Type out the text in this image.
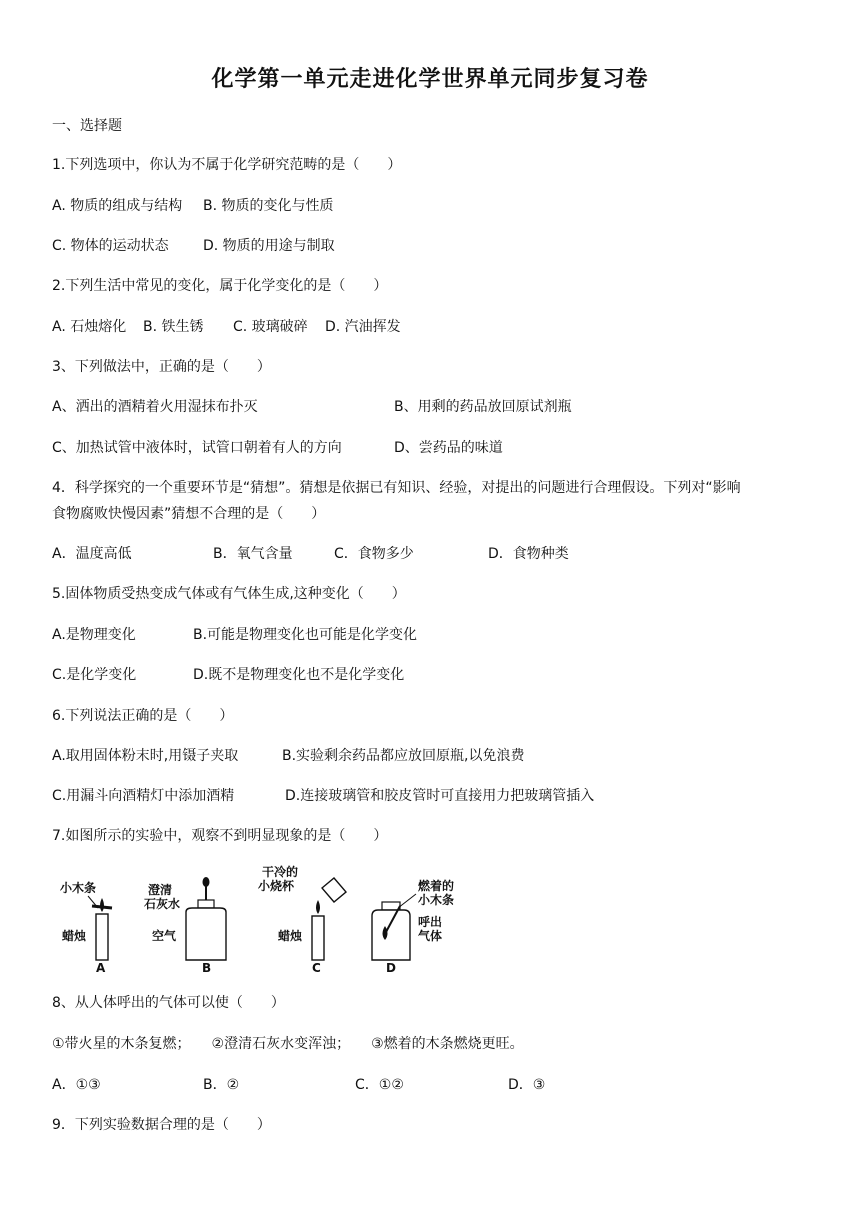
化学第一单元走进化学世界单元同步复习卷
一、选择题
1.下列选项中，你认为不属于化学研究范畴的是（　　）
A. 物质的组成与结构 B. 物质的变化与性质
C. 物体的运动状态 D. 物质的用途与制取
2.下列生活中常见的变化，属于化学变化的是（　　）
A. 石烛熔化 B. 铁生锈 C. 玻璃破碎 D. 汽油挥发
3、下列做法中，正确的是（　　）
A、洒出的酒精着火用湿抹布扑灭	B、用剩的药品放回原试剂瓶
C、加热试管中液体时，试管口朝着有人的方向	D、尝药品的味道
4．科学探究的一个重要环节是“猜想”。猜想是依据已有知识、经验，对提出的问题进行合理假设。下列对“影响
食物腐败快慢因素”猜想不合理的是（　　）
A．温度高低	B．氧气含量	C．食物多少	D．食物种类
5.固体物质受热变成气体或有气体生成,这种变化（　　）
A.是物理变化	B.可能是物理变化也可能是化学变化
C.是化学变化	D.既不是物理变化也不是化学变化
6.下列说法正确的是（　　）
A.取用固体粉末时,用镊子夹取	B.实验剩余药品都应放回原瓶,以免浪费
C.用漏斗向酒精灯中添加酒精	D.连接玻璃管和胶皮管时可直接用力把玻璃管插入
7.如图所示的实验中，观察不到明显现象的是（　　）
小木条
蜡烛
A
澄清
石灰水
空气
B
干冷的
小烧杯
蜡烛
C
燃着的
小木条
呼出
气体
D
8、从人体呼出的气体可以使（　　）
①带火星的木条复燃；　　②澄清石灰水变浑浊；　　③燃着的木条燃烧更旺。
A．①③	B．②	C．①②	D．③
9．下列实验数据合理的是（　　）
